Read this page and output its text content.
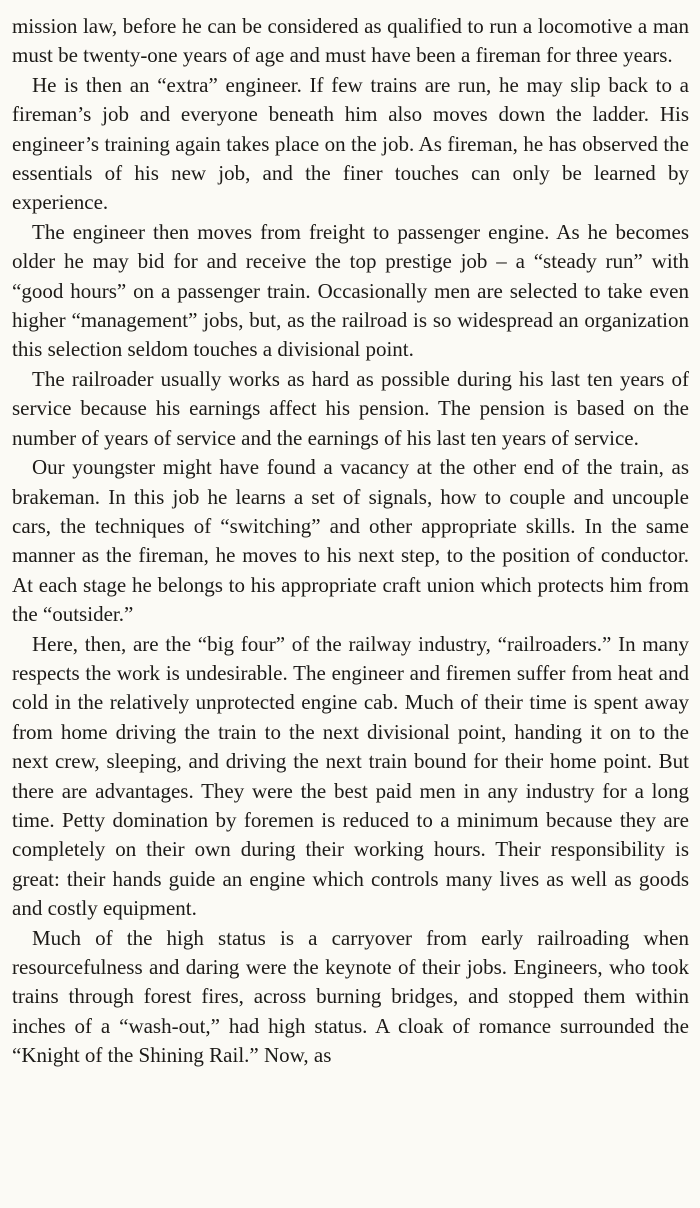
mission law, before he can be considered as qualified to run a locomotive a man must be twenty-one years of age and must have been a fireman for three years.

He is then an “extra” engineer. If few trains are run, he may slip back to a fireman’s job and everyone beneath him also moves down the ladder. His engineer’s training again takes place on the job. As fireman, he has observed the essentials of his new job, and the finer touches can only be learned by experience.

The engineer then moves from freight to passenger engine. As he becomes older he may bid for and receive the top prestige job – a “steady run” with “good hours” on a passenger train. Occasionally men are selected to take even higher “management” jobs, but, as the railroad is so widespread an organization this selection seldom touches a divisional point.

The railroader usually works as hard as possible during his last ten years of service because his earnings affect his pension. The pension is based on the number of years of service and the earnings of his last ten years of service.

Our youngster might have found a vacancy at the other end of the train, as brakeman. In this job he learns a set of signals, how to couple and uncouple cars, the techniques of “switching” and other appropriate skills. In the same manner as the fireman, he moves to his next step, to the position of conductor. At each stage he belongs to his appropriate craft union which protects him from the “outsider.”

Here, then, are the “big four” of the railway industry, “railroaders.” In many respects the work is undesirable. The engineer and firemen suffer from heat and cold in the relatively unprotected engine cab. Much of their time is spent away from home driving the train to the next divisional point, handing it on to the next crew, sleeping, and driving the next train bound for their home point. But there are advantages. They were the best paid men in any industry for a long time. Petty domination by foremen is reduced to a minimum because they are completely on their own during their working hours. Their responsibility is great: their hands guide an engine which controls many lives as well as goods and costly equipment.

Much of the high status is a carryover from early railroading when resourcefulness and daring were the keynote of their jobs. Engineers, who took trains through forest fires, across burning bridges, and stopped them within inches of a “wash-out,” had high status. A cloak of romance surrounded the “Knight of the Shining Rail.” Now, as
